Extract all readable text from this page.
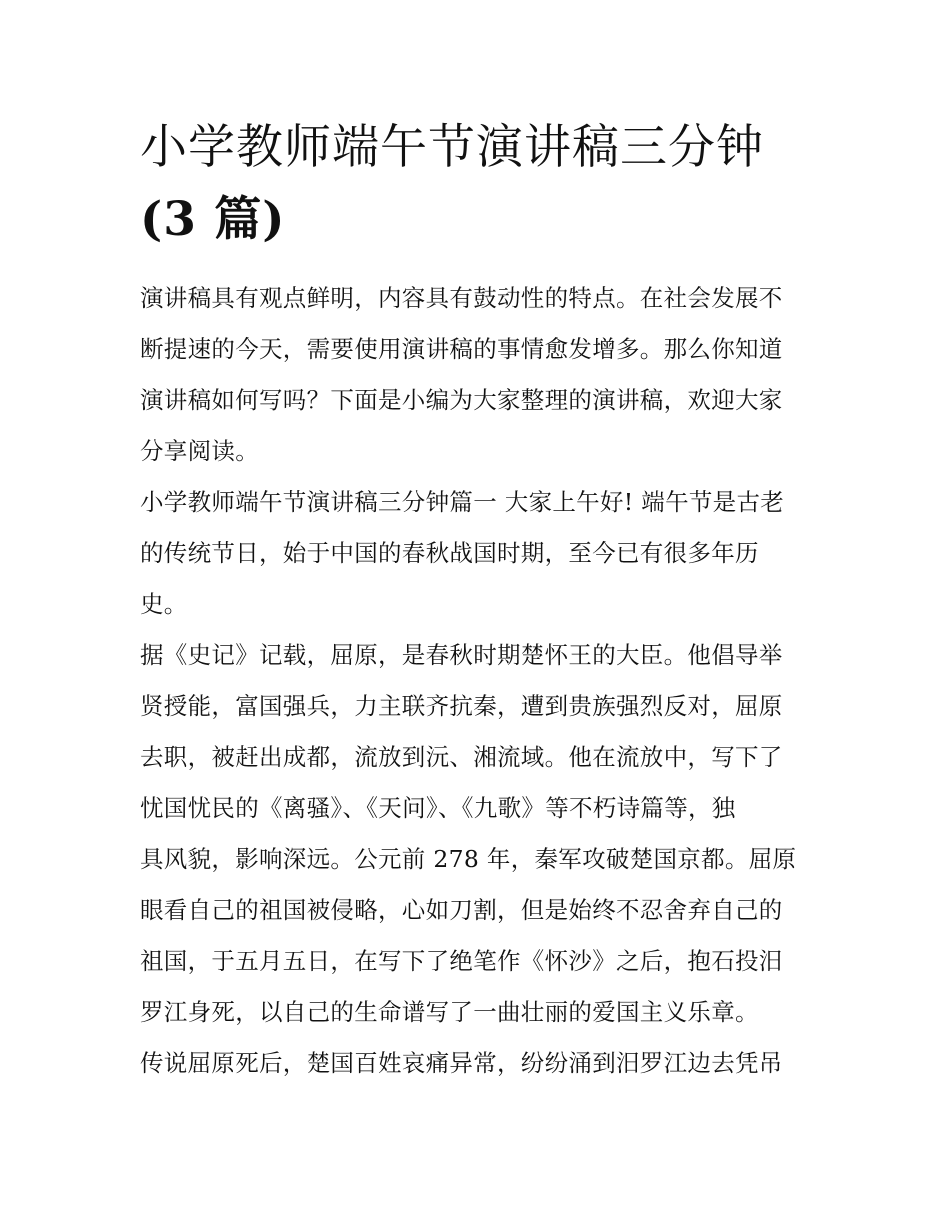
小学教师端午节演讲稿三分钟
(3 篇)

演讲稿具有观点鲜明，内容具有鼓动性的特点。在社会发展不
断提速的今天，需要使用演讲稿的事情愈发增多。那么你知道
演讲稿如何写吗？下面是小编为大家整理的演讲稿，欢迎大家
分享阅读。

小学教师端午节演讲稿三分钟篇一 大家上午好! 端午节是古老
的传统节日，始于中国的春秋战国时期，至今已有很多年历
史。

据《史记》记载，屈原，是春秋时期楚怀王的大臣。他倡导举
贤授能，富国强兵，力主联齐抗秦，遭到贵族强烈反对，屈原
去职，被赶出成都，流放到沅、湘流域。他在流放中，写下了
忧国忧民的《离骚》、《天问》、《九歌》等不朽诗篇等，独
具风貌，影响深远。公元前 278 年，秦军攻破楚国京都。屈原
眼看自己的祖国被侵略，心如刀割，但是始终不忍舍弃自己的
祖国，于五月五日，在写下了绝笔作《怀沙》之后，抱石投汨
罗江身死，以自己的生命谱写了一曲壮丽的爱国主义乐章。

传说屈原死后，楚国百姓哀痛异常，纷纷涌到汨罗江边去凭吊
